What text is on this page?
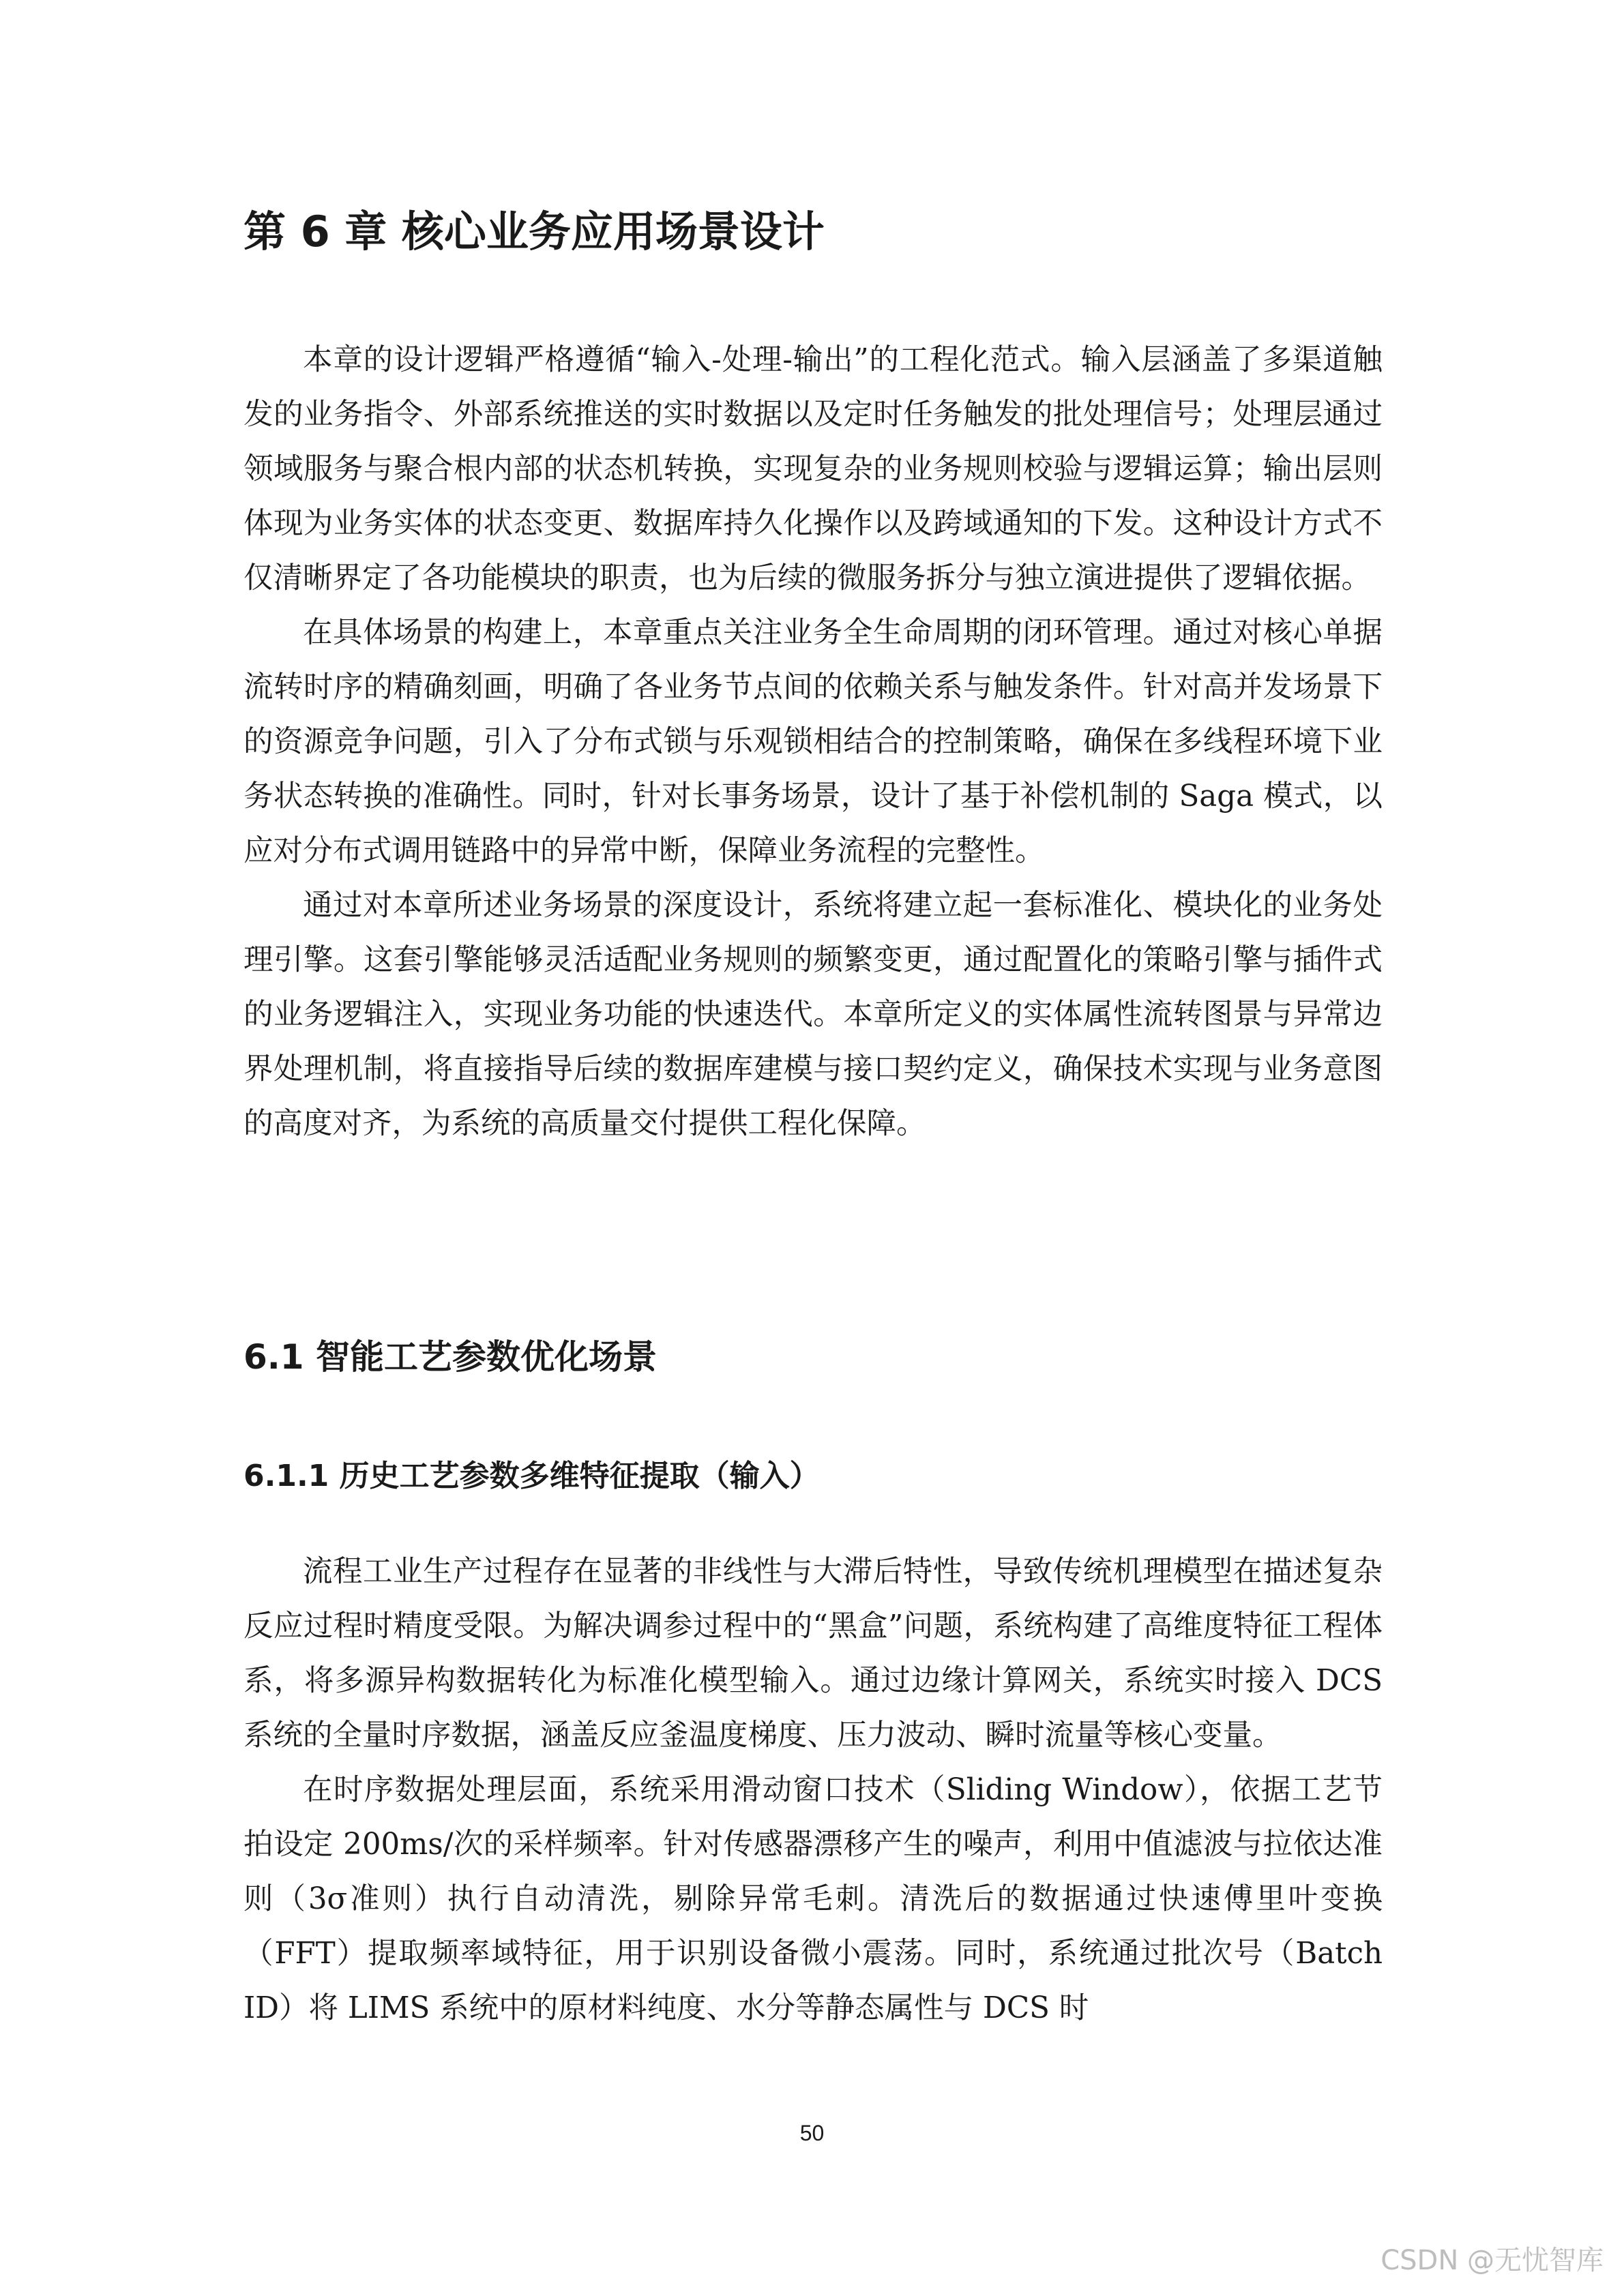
第 6 章 核心业务应用场景设计

本章的设计逻辑严格遵循“输入-处理-输出”的工程化范式。输入层涵盖了多渠道触发的业务指令、外部系统推送的实时数据以及定时任务触发的批处理信号；处理层通过领域服务与聚合根内部的状态机转换，实现复杂的业务规则校验与逻辑运算；输出层则体现为业务实体的状态变更、数据库持久化操作以及跨域通知的下发。这种设计方式不仅清晰界定了各功能模块的职责，也为后续的微服务拆分与独立演进提供了逻辑依据。

在具体场景的构建上，本章重点关注业务全生命周期的闭环管理。通过对核心单据流转时序的精确刻画，明确了各业务节点间的依赖关系与触发条件。针对高并发场景下的资源竞争问题，引入了分布式锁与乐观锁相结合的控制策略，确保在多线程环境下业务状态转换的准确性。同时，针对长事务场景，设计了基于补偿机制的 Saga 模式，以应对分布式调用链路中的异常中断，保障业务流程的完整性。

通过对本章所述业务场景的深度设计，系统将建立起一套标准化、模块化的业务处理引擎。这套引擎能够灵活适配业务规则的频繁变更，通过配置化的策略引擎与插件式的业务逻辑注入，实现业务功能的快速迭代。本章所定义的实体属性流转图景与异常边界处理机制，将直接指导后续的数据库建模与接口契约定义，确保技术实现与业务意图的高度对齐，为系统的高质量交付提供工程化保障。

6.1 智能工艺参数优化场景
6.1.1 历史工艺参数多维特征提取（输入）

流程工业生产过程存在显著的非线性与大滞后特性，导致传统机理模型在描述复杂反应过程时精度受限。为解决调参过程中的“黑盒”问题，系统构建了高维度特征工程体系，将多源异构数据转化为标准化模型输入。通过边缘计算网关，系统实时接入 DCS 系统的全量时序数据，涵盖反应釜温度梯度、压力波动、瞬时流量等核心变量。

在时序数据处理层面，系统采用滑动窗口技术（Sliding Window），依据工艺节拍设定 200ms/次的采样频率。针对传感器漂移产生的噪声，利用中值滤波与拉依达准则（3σ准则）执行自动清洗，剔除异常毛刺。清洗后的数据通过快速傅里叶变换（FFT）提取频率域特征，用于识别设备微小震荡。同时，系统通过批次号（Batch ID）将 LIMS 系统中的原材料纯度、水分等静态属性与 DCS 时

50
CSDN @无忧智库
